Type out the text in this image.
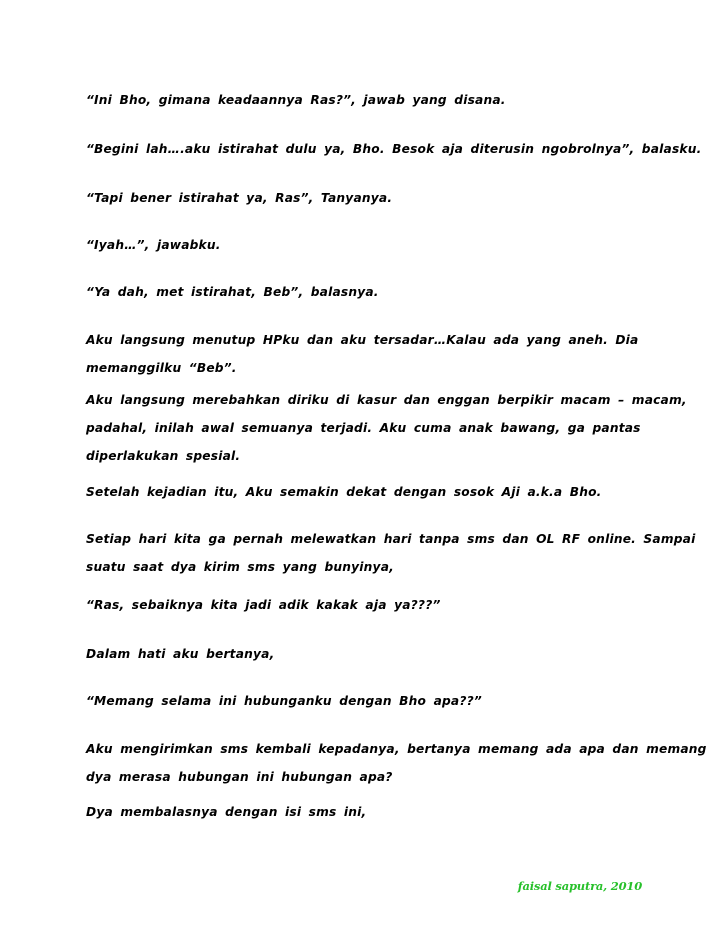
“Ini Bho, gimana keadaannya Ras?”, jawab yang disana.

“Begini lah….aku istirahat dulu ya, Bho. Besok aja diterusin ngobrolnya”, balasku.

“Tapi bener istirahat ya, Ras”, Tanyanya.

“Iyah…”, jawabku.

“Ya dah, met istirahat, Beb”, balasnya.

Aku langsung menutup HPku dan aku tersadar…Kalau ada yang aneh. Dia
memanggilku “Beb”.

Aku langsung merebahkan diriku di kasur dan enggan berpikir macam – macam,
padahal, inilah awal semuanya terjadi. Aku cuma anak bawang, ga pantas
diperlakukan spesial.

Setelah kejadian itu, Aku semakin dekat dengan sosok Aji a.k.a Bho.

Setiap hari kita ga pernah melewatkan hari tanpa sms dan OL RF online. Sampai
suatu saat dya kirim sms yang bunyinya,

“Ras, sebaiknya kita jadi adik kakak aja ya???”

Dalam hati aku bertanya,

“Memang selama ini hubunganku dengan Bho apa??”

Aku mengirimkan sms kembali kepadanya, bertanya memang ada apa dan memang
dya merasa hubungan ini hubungan apa?

Dya membalasnya dengan isi sms ini,

faisal saputra, 2010
